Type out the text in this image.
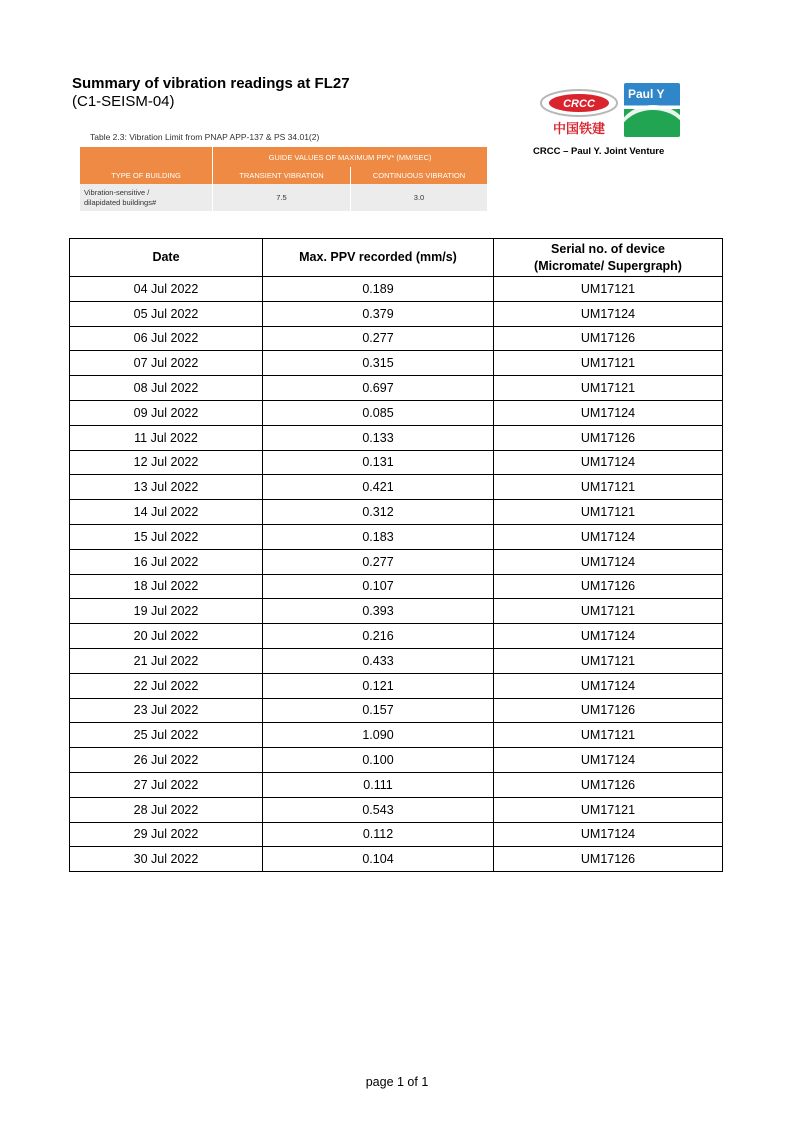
Summary of vibration readings at FL27
(C1-SEISM-04)	CRCC
中国铁建
Paul Y
CRCC – Paul Y. Joint Venture
Table 2.3: Vibration Limit from PNAP APP-137 & PS 34.01(2)
	GUIDE VALUES OF MAXIMUM PPV* (MM/SEC)	
TYPE OF BUILDING	TRANSIENT VIBRATION	CONTINUOUS VIBRATION

Vibration-sensitive /
dilapidated buildings#	7.5	3.0
Date	Max. PPV recorded (mm/s)	Serial no. of device
(Micromate/ Supergraph)

04 Jul 2022	0.189	UM17121
05 Jul 2022	0.379	UM17124
06 Jul 2022	0.277	UM17126
07 Jul 2022	0.315	UM17121
08 Jul 2022	0.697	UM17121
09 Jul 2022	0.085	UM17124
11 Jul 2022	0.133	UM17126
12 Jul 2022	0.131	UM17124
13 Jul 2022	0.421	UM17121
14 Jul 2022	0.312	UM17121
15 Jul 2022	0.183	UM17124
16 Jul 2022	0.277	UM17124
18 Jul 2022	0.107	UM17126
19 Jul 2022	0.393	UM17121
20 Jul 2022	0.216	UM17124
21 Jul 2022	0.433	UM17121
22 Jul 2022	0.121	UM17124
23 Jul 2022	0.157	UM17126
25 Jul 2022	1.090	UM17121
26 Jul 2022	0.100	UM17124
27 Jul 2022	0.111	UM17126
28 Jul 2022	0.543	UM17121
29 Jul 2022	0.112	UM17124
30 Jul 2022	0.104	UM17126
page 1 of 1
